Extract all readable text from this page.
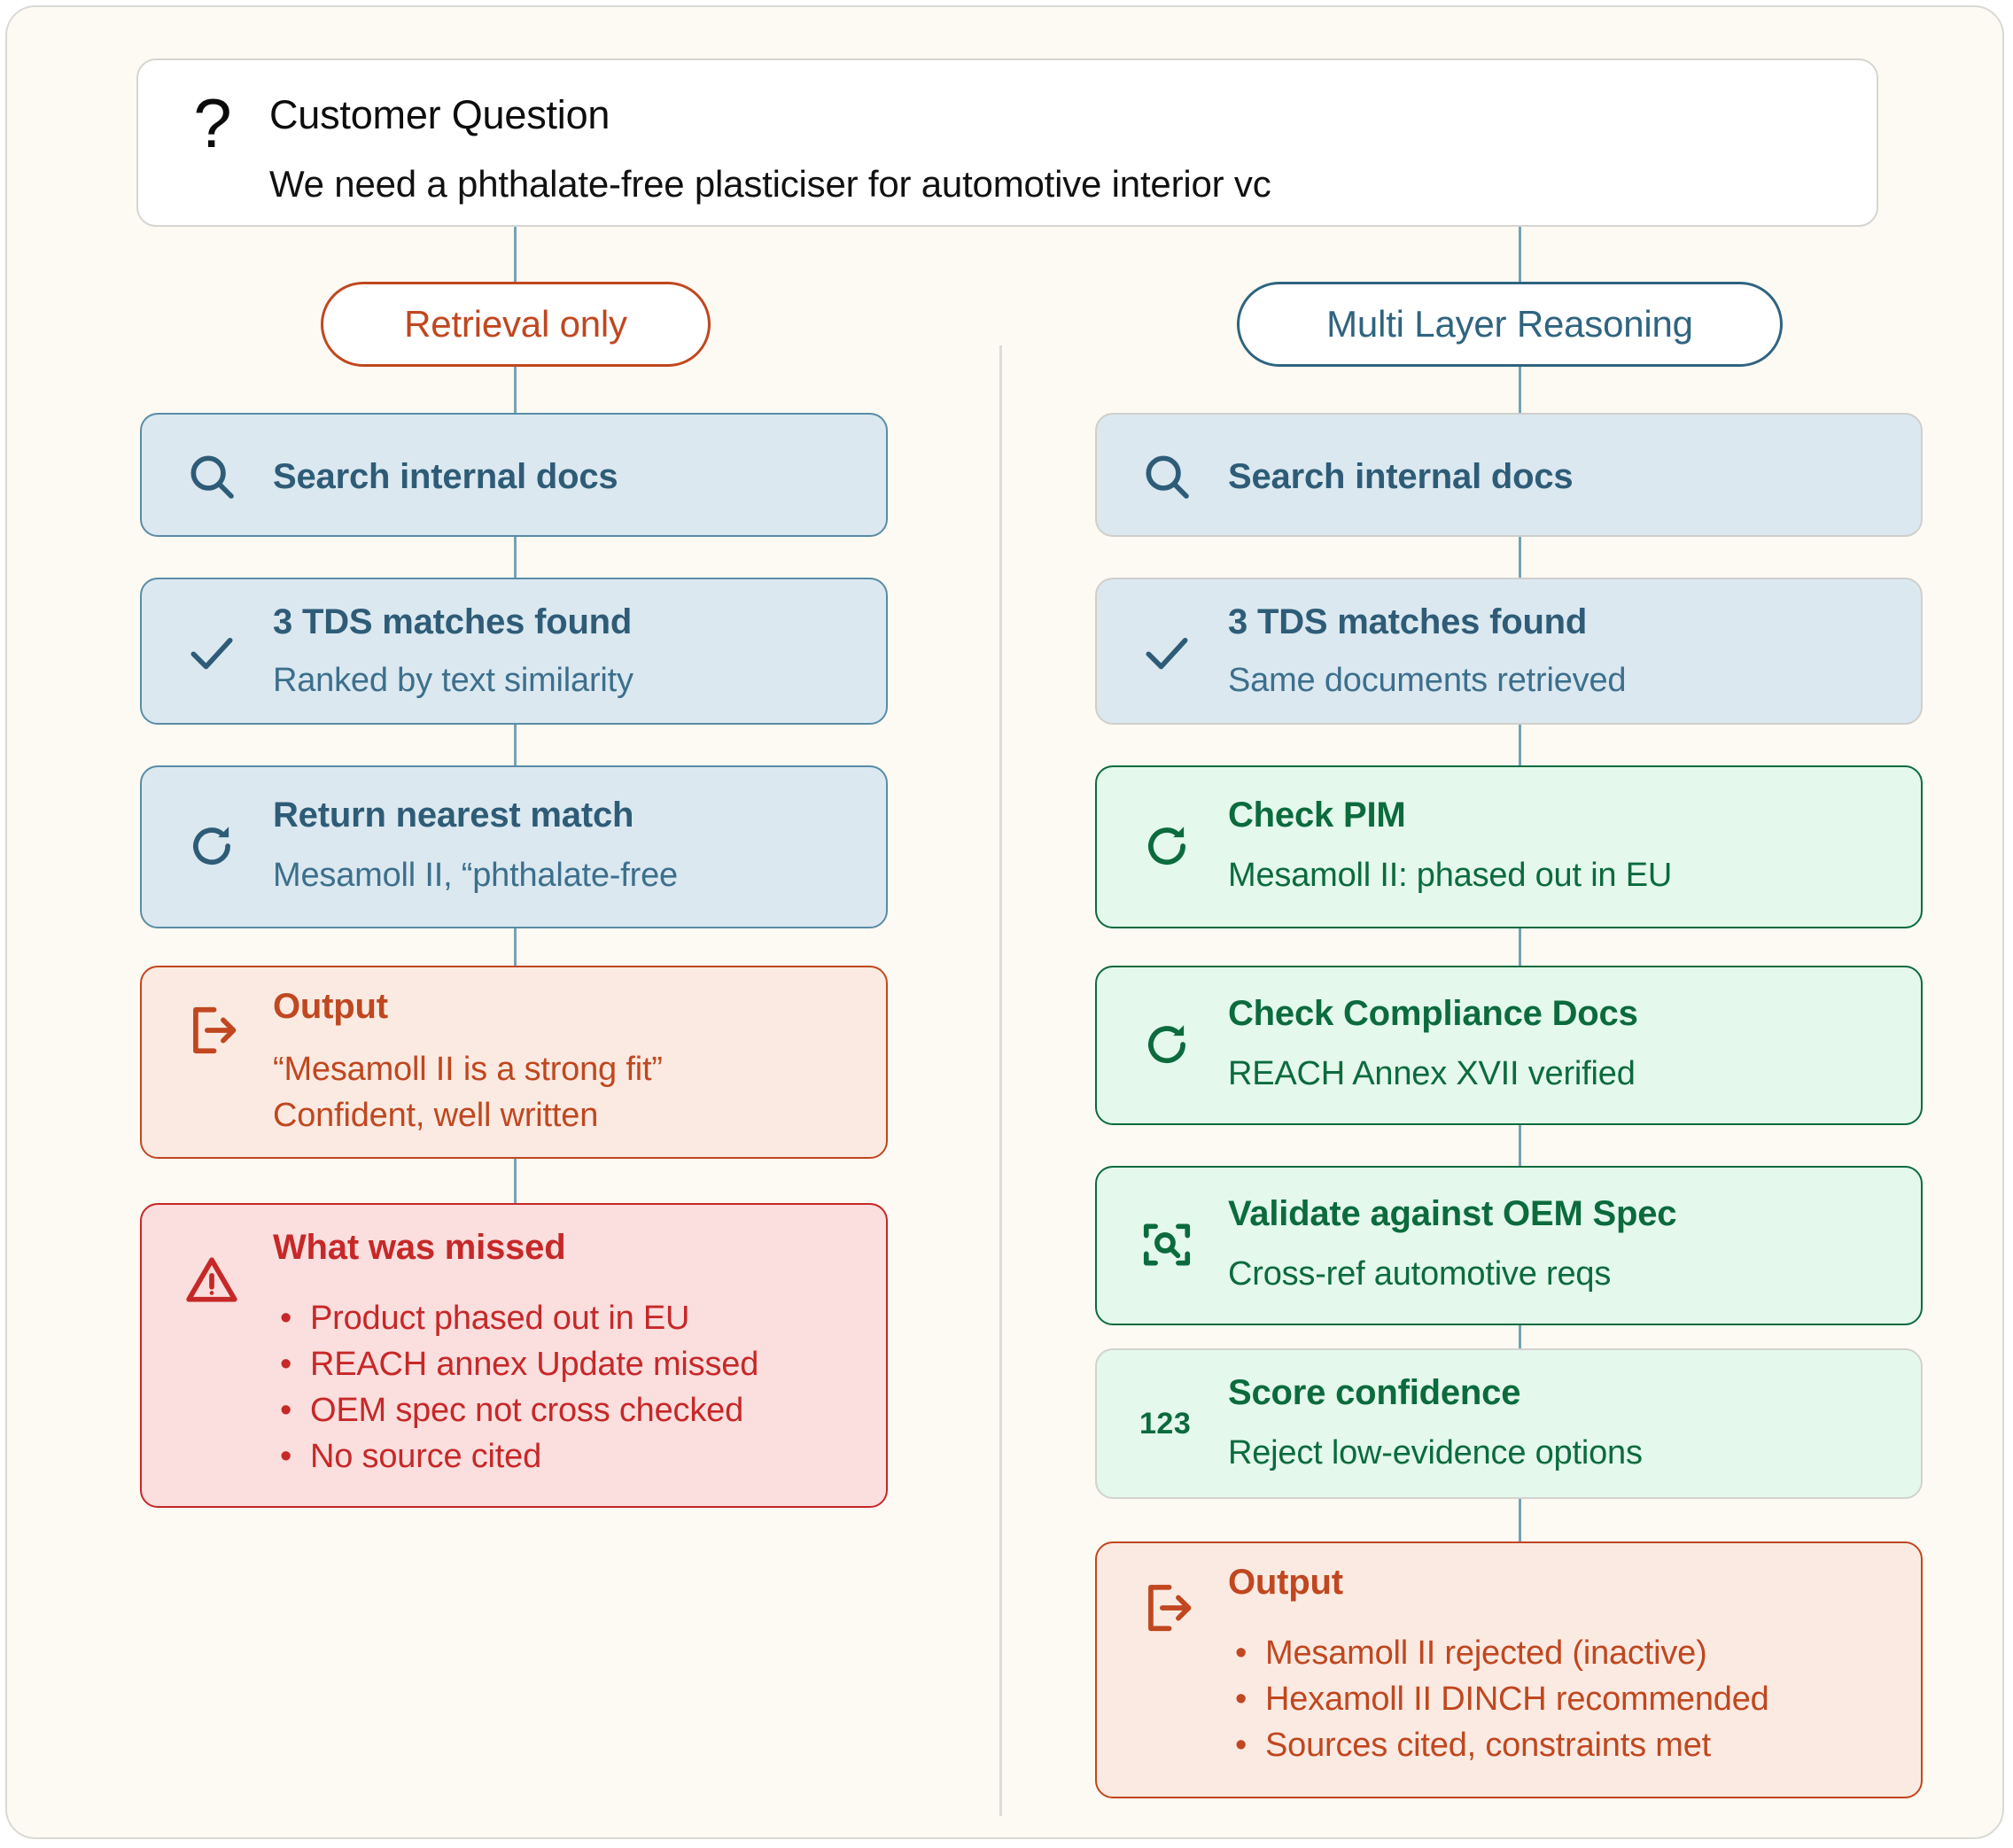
? Customer Question
We need a phthalate-free plasticiser for automotive interior vc
Retrieval only	Multi Layer Reasoning
Search internal docs
3 TDS matches found
Ranked by text similarity
Return nearest match
Mesamoll II, “phthalate-free
Output
“Mesamoll II is a strong fit”
Confident, well written
What was missed
• Product phased out in EU
• REACH annex Update missed
• OEM spec not cross checked
• No source cited
Search internal docs
3 TDS matches found
Same documents retrieved
Check PIM
Mesamoll II: phased out in EU
Check Compliance Docs
REACH Annex XVII verified
Validate against OEM Spec
Cross-ref automotive reqs
123
Score confidence
Reject low-evidence options
Output
• Mesamoll II rejected (inactive)
• Hexamoll II DINCH recommended
• Sources cited, constraints met
